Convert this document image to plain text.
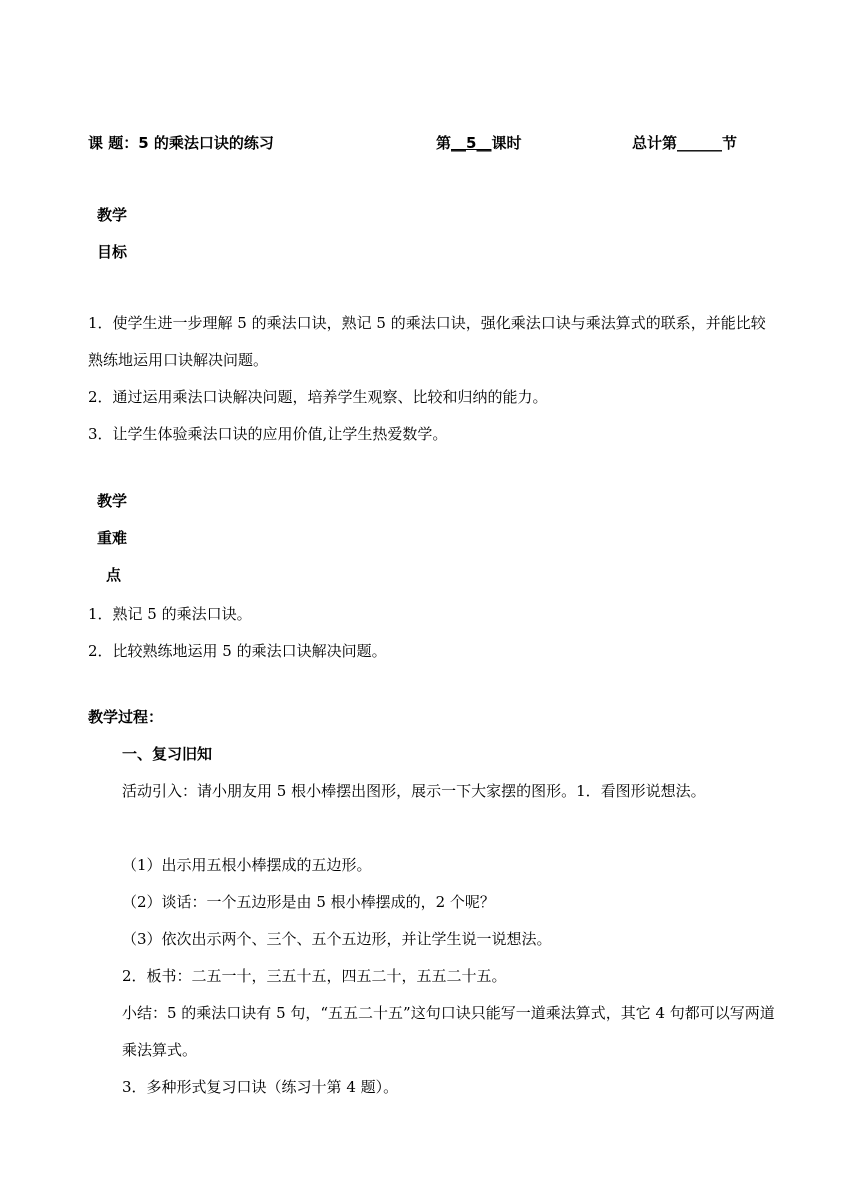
课 题：5 的乘法口诀的练习	第__5__课时	总计第______节
教学
目标
1．使学生进一步理解 5 的乘法口诀，熟记 5 的乘法口诀，强化乘法口诀与乘法算式的联系，并能比较熟练地运用口诀解决问题。
2．通过运用乘法口诀解决问题，培养学生观察、比较和归纳的能力。
3．让学生体验乘法口诀的应用价值,让学生热爱数学。
教学
重难
点
1．熟记 5 的乘法口诀。
2．比较熟练地运用 5 的乘法口诀解决问题。
教学过程：
一、复习旧知
活动引入：请小朋友用 5 根小棒摆出图形，展示一下大家摆的图形。1．看图形说想法。
（1）出示用五根小棒摆成的五边形。
（2）谈话：一个五边形是由 5 根小棒摆成的，2 个呢？
（3）依次出示两个、三个、五个五边形，并让学生说一说想法。
2．板书：二五一十，三五十五，四五二十，五五二十五。
小结：5 的乘法口诀有 5 句，“五五二十五”这句口诀只能写一道乘法算式，其它 4 句都可以写两道乘法算式。
3．多种形式复习口诀（练习十第 4 题）。
